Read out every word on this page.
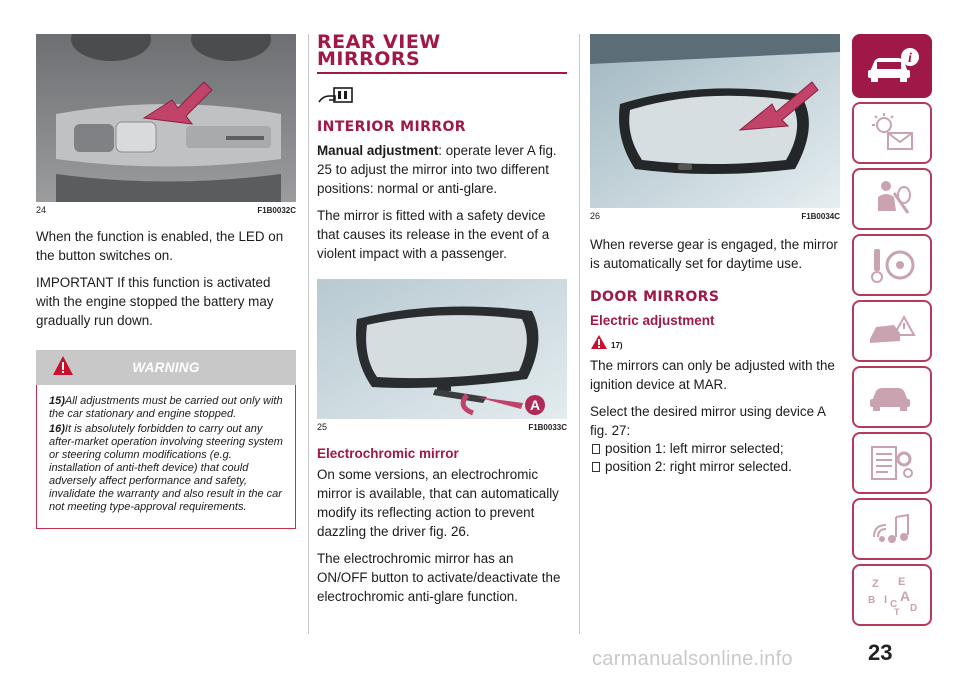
24	F1B0032C

When the function is enabled, the LED on the button switches on.

IMPORTANT If this function is activated with the engine stopped the battery may gradually run down.

WARNING
15)All adjustments must be carried out only with the car stationary and engine stopped.
16)It is absolutely forbidden to carry out any after-market operation involving steering system or steering column modifications (e.g. installation of anti-theft device) that could adversely affect performance and safety, invalidate the warranty and also result in the car not meeting type-approval requirements.
REAR VIEW
MIRRORS
INTERIOR MIRROR

Manual adjustment: operate lever A fig. 25 to adjust the mirror into two different positions: normal or anti-glare.

The mirror is fitted with a safety device that causes its release in the event of a violent impact with a passenger.

A
25	F1B0033C
Electrochromic mirror

On some versions, an electrochromic mirror is available, that can automatically modify its reflecting action to prevent dazzling the driver fig. 26.

The electrochromic mirror has an ON/OFF button to activate/deactivate the electrochromic anti-glare function.

26	F1B0034C

When reverse gear is engaged, the mirror is automatically set for daytime use.

DOOR MIRRORS
Electric adjustment
17)

The mirrors can only be adjusted with the ignition device at MAR.

Select the desired mirror using device A fig. 27:

position 1: left mirror selected;
position 2: right mirror selected.
i
Z E
B I C
A
T D
23
carmanualsonline.info
